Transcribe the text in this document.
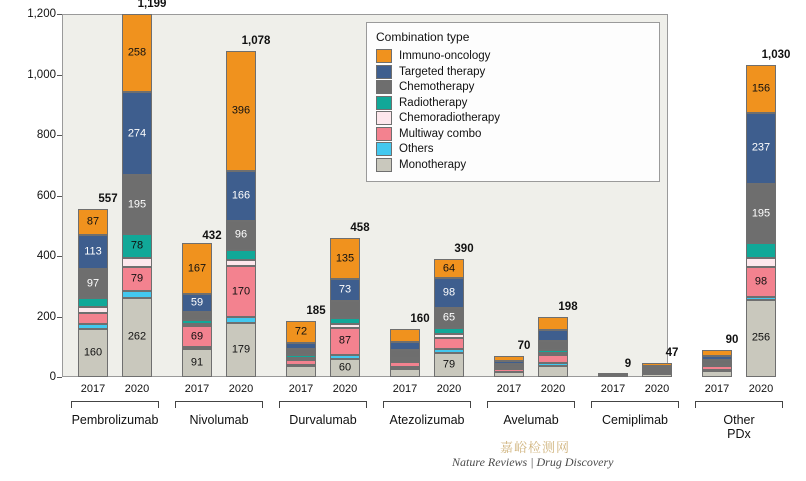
0
200
400
600
800
1,000
1,200
160
97
113
87
557
262
79
78
195
274
258
1,199
91
69
59
167
432
179
170
96
166
396
1,078
72
185
60
87
73
135
458
160
79
65
98
64
390
70
198
9
47
90	256
98
195
237
156
1,030
2017	2020
Pembrolizumab
2017	2020
Nivolumab
2017	2020
Durvalumab
2017	2020
Atezolizumab
2017	2020
Avelumab
2017	2020
Cemiplimab
2017	2020
Other PDx
Combination type
Immuno-oncology
Targeted therapy
Chemotherapy
Radiotherapy
Chemoradiotherapy
Multiway combo
Others
Monotherapy
嘉峪检测网
Nature Reviews | Drug Discovery
